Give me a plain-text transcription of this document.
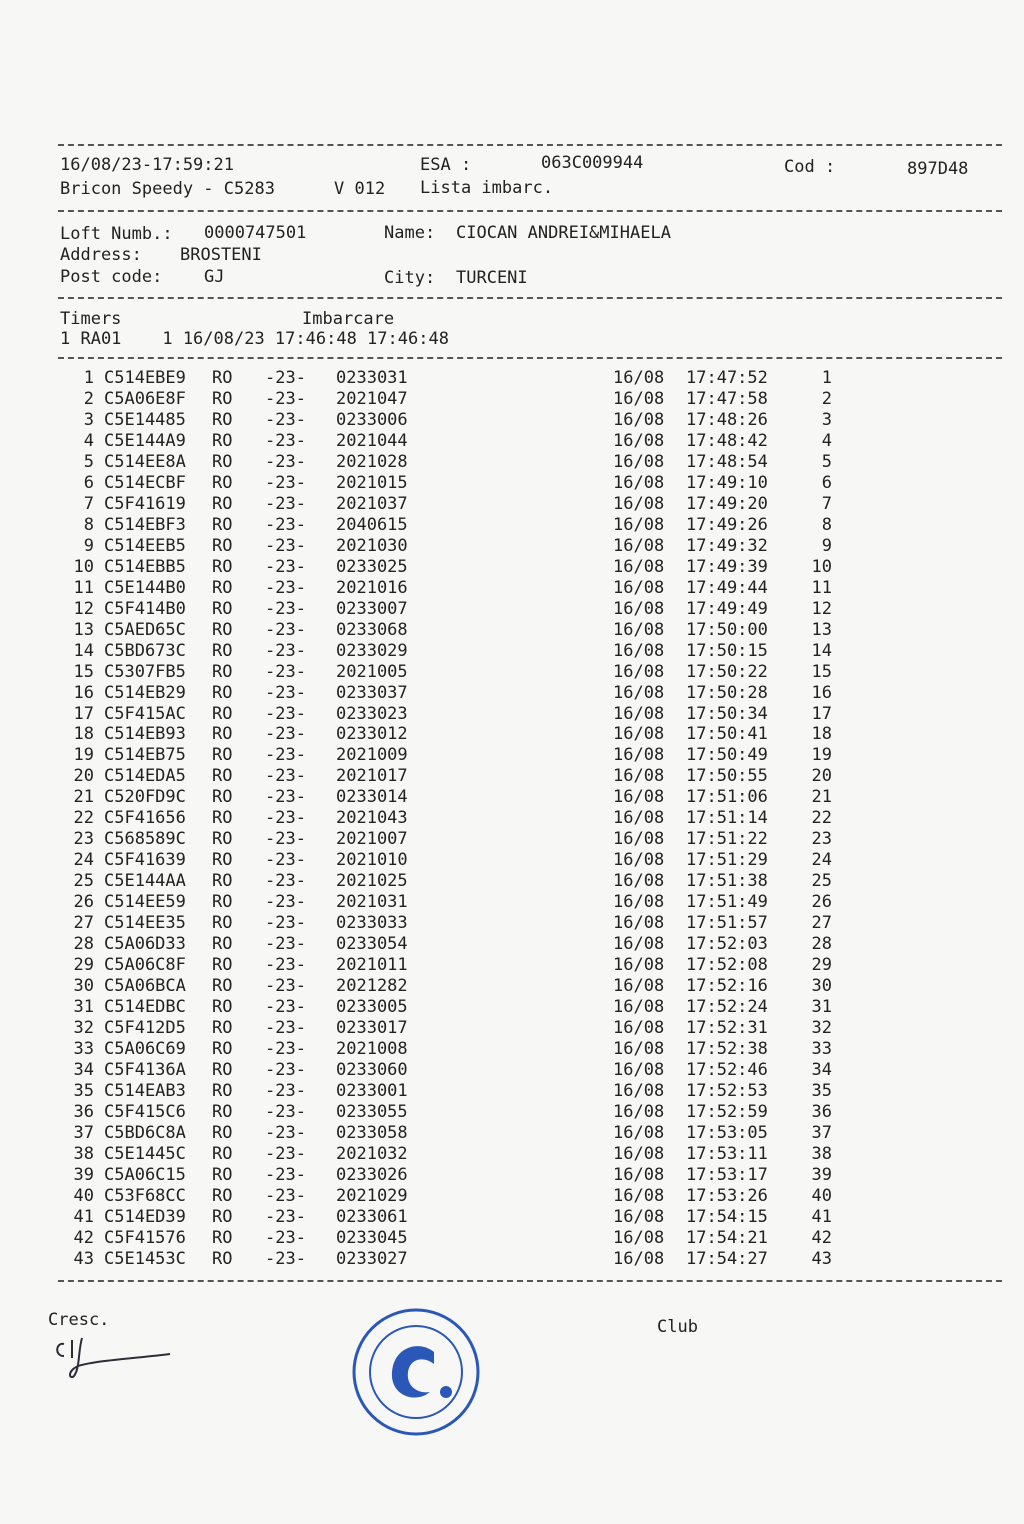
16/08/23-17:59:21	ESA :	063C009944	Cod :	897D48
Bricon Speedy - C5283	V 012 Lista imbarc.
Loft Numb.: 0000747501	Name: CIOCAN ANDREI&MIHAELA
Address: BROSTENI
Post code: GJ	City: TURCENI
Timers	Imbarcare
1 RA01    1 16/08/23 17:46:48 17:46:48
1 C514EBE9 RO -23- 0233031	16/08 17:47:52	1
2 C5A06E8F RO -23- 2021047	16/08 17:47:58	2
3 C5E14485 RO -23- 0233006	16/08 17:48:26	3
4 C5E144A9 RO -23- 2021044	16/08 17:48:42	4
5 C514EE8A RO -23- 2021028	16/08 17:48:54	5
6 C514ECBF RO -23- 2021015	16/08 17:49:10	6
7 C5F41619 RO -23- 2021037	16/08 17:49:20	7
8 C514EBF3 RO -23- 2040615	16/08 17:49:26	8
9 C514EEB5 RO -23- 2021030	16/08 17:49:32	9
10 C514EBB5 RO -23- 0233025	16/08 17:49:39	10
11 C5E144B0 RO -23- 2021016	16/08 17:49:44	11
12 C5F414B0 RO -23- 0233007	16/08 17:49:49	12
13 C5AED65C RO -23- 0233068	16/08 17:50:00	13
14 C5BD673C RO -23- 0233029	16/08 17:50:15	14
15 C5307FB5 RO -23- 2021005	16/08 17:50:22	15
16 C514EB29 RO -23- 0233037	16/08 17:50:28	16
17 C5F415AC RO -23- 0233023	16/08 17:50:34	17
18 C514EB93 RO -23- 0233012	16/08 17:50:41	18
19 C514EB75 RO -23- 2021009	16/08 17:50:49	19
20 C514EDA5 RO -23- 2021017	16/08 17:50:55	20
21 C520FD9C RO -23- 0233014	16/08 17:51:06	21
22 C5F41656 RO -23- 2021043	16/08 17:51:14	22
23 C568589C RO -23- 2021007	16/08 17:51:22	23
24 C5F41639 RO -23- 2021010	16/08 17:51:29	24
25 C5E144AA RO -23- 2021025	16/08 17:51:38	25
26 C514EE59 RO -23- 2021031	16/08 17:51:49	26
27 C514EE35 RO -23- 0233033	16/08 17:51:57	27
28 C5A06D33 RO -23- 0233054	16/08 17:52:03	28
29 C5A06C8F RO -23- 2021011	16/08 17:52:08	29
30 C5A06BCA RO -23- 2021282	16/08 17:52:16	30
31 C514EDBC RO -23- 0233005	16/08 17:52:24	31
32 C5F412D5 RO -23- 0233017	16/08 17:52:31	32
33 C5A06C69 RO -23- 2021008	16/08 17:52:38	33
34 C5F4136A RO -23- 0233060	16/08 17:52:46	34
35 C514EAB3 RO -23- 0233001	16/08 17:52:53	35
36 C5F415C6 RO -23- 0233055	16/08 17:52:59	36
37 C5BD6C8A RO -23- 0233058	16/08 17:53:05	37
38 C5E1445C RO -23- 2021032	16/08 17:53:11	38
39 C5A06C15 RO -23- 0233026	16/08 17:53:17	39
40 C53F68CC RO -23- 2021029	16/08 17:53:26	40
41 C514ED39 RO -23- 0233061	16/08 17:54:15	41
42 C5F41576 RO -23- 0233045	16/08 17:54:21	42
43 C5E1453C RO -23- 0233027	16/08 17:54:27	43
Cresc.	Club
